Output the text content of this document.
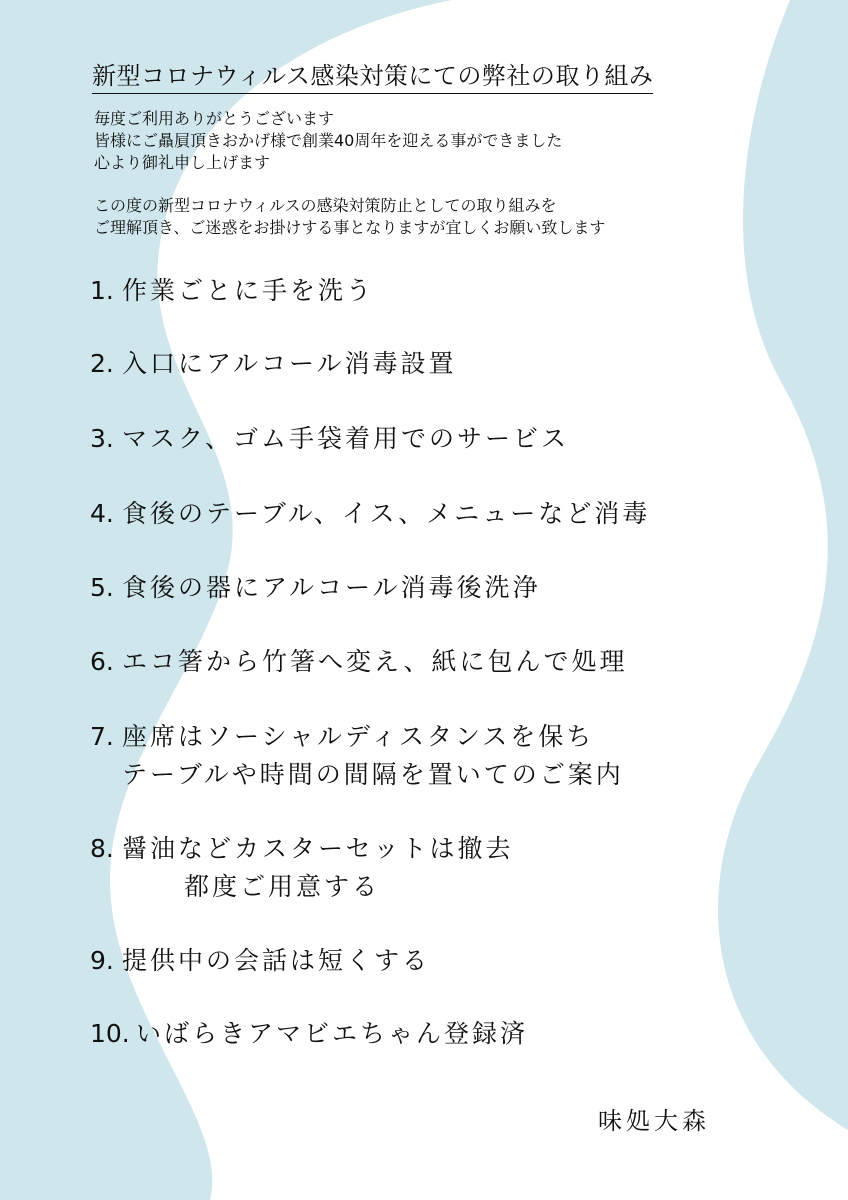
新型コロナウィルス感染対策にての弊社の取り組み
毎度ご利用ありがとうございます
皆様にご贔屓頂きおかげ様で創業40周年を迎える事ができました
心より御礼申し上げます
この度の新型コロナウィルスの感染対策防止としての取り組みを
ご理解頂き、ご迷惑をお掛けする事となりますが宜しくお願い致します
1. 作業ごとに手を洗う
2. 入口にアルコール消毒設置
3. マスク、ゴム手袋着用でのサービス
4. 食後のテーブル、イス、メニューなど消毒
5. 食後の器にアルコール消毒後洗浄
6. エコ箸から竹箸へ変え、紙に包んで処理
7. 座席はソーシャルディスタンスを保ち
テーブルや時間の間隔を置いてのご案内
8. 醤油などカスターセットは撤去
都度ご用意する
9. 提供中の会話は短くする
10. いばらきアマビエちゃん登録済
味処大森
